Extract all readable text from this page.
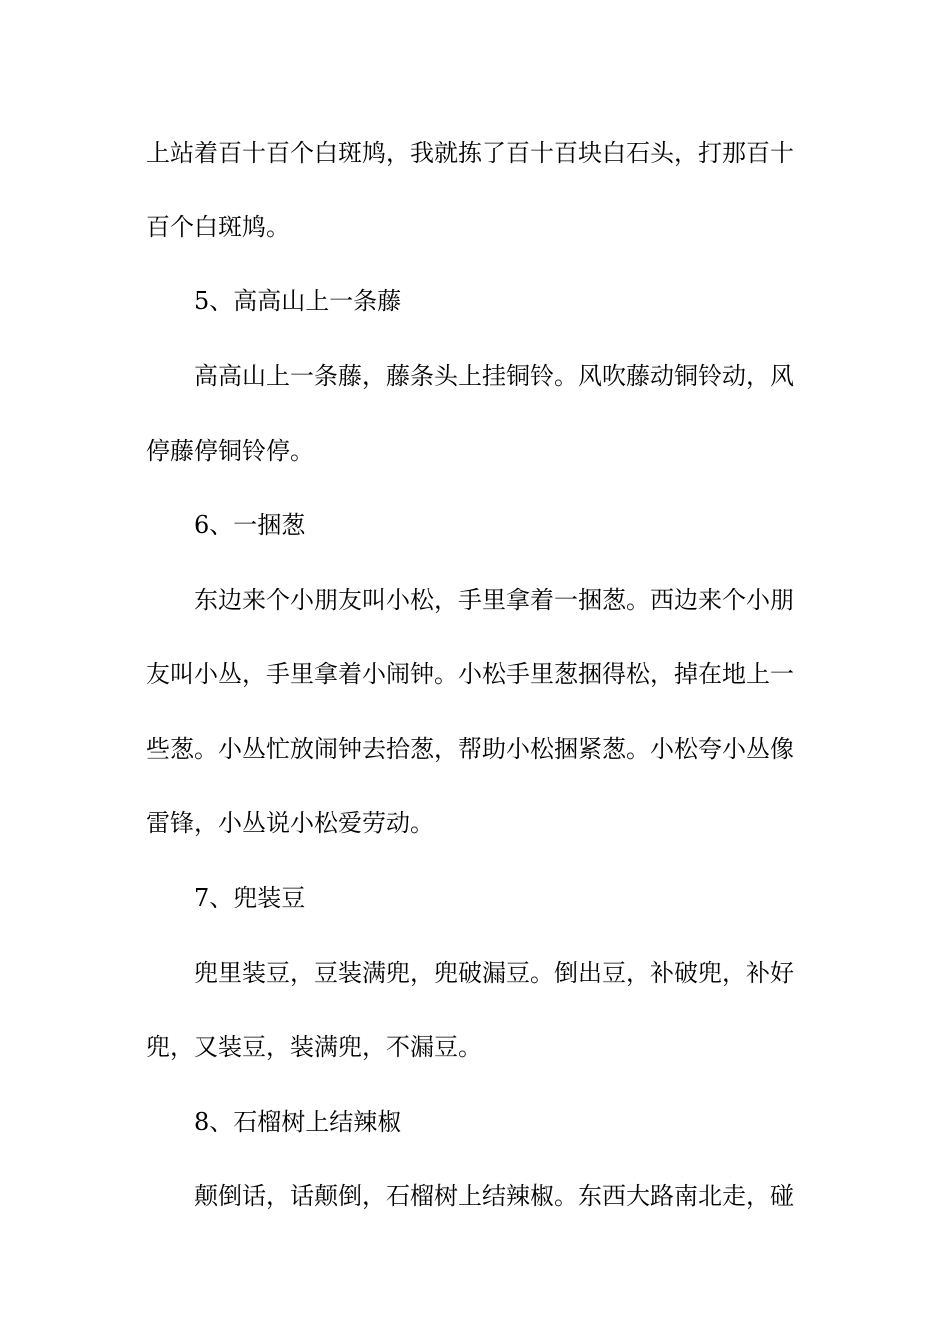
上站着百十百个白斑鸠，我就拣了百十百块白石头，打那百十
百个白斑鸠。
5、高高山上一条藤
高高山上一条藤，藤条头上挂铜铃。风吹藤动铜铃动，风
停藤停铜铃停。
6、一捆葱
东边来个小朋友叫小松，手里拿着一捆葱。西边来个小朋
友叫小丛，手里拿着小闹钟。小松手里葱捆得松，掉在地上一
些葱。小丛忙放闹钟去拾葱，帮助小松捆紧葱。小松夸小丛像
雷锋，小丛说小松爱劳动。
7、兜装豆
兜里装豆，豆装满兜，兜破漏豆。倒出豆，补破兜，补好
兜，又装豆，装满兜，不漏豆。
8、石榴树上结辣椒
颠倒话，话颠倒，石榴树上结辣椒。东西大路南北走，碰
